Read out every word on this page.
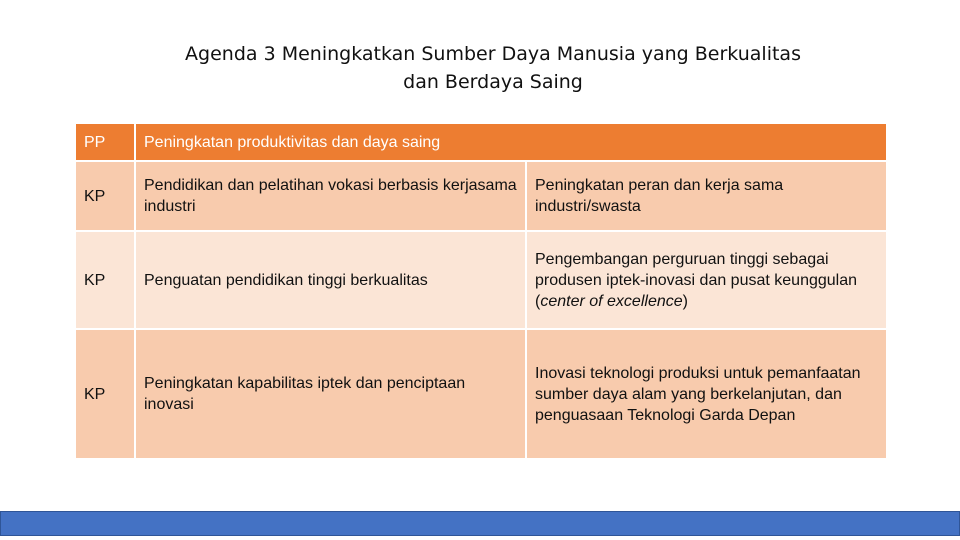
Agenda 3 Meningkatkan Sumber Daya Manusia yang Berkualitas
dan Berdaya Saing
PP	Peningkatan produktivitas dan daya saing	
KP	Pendidikan dan pelatihan vokasi berbasis kerjasama industri	Peningkatan peran dan kerja sama industri/swasta
KP	Penguatan pendidikan tinggi berkualitas	Pengembangan perguruan tinggi sebagai produsen iptek-inovasi dan pusat keunggulan (center of excellence)
KP	Peningkatan kapabilitas iptek dan penciptaan inovasi	Inovasi teknologi produksi untuk pemanfaatan sumber daya alam yang berkelanjutan, dan penguasaan Teknologi Garda Depan
